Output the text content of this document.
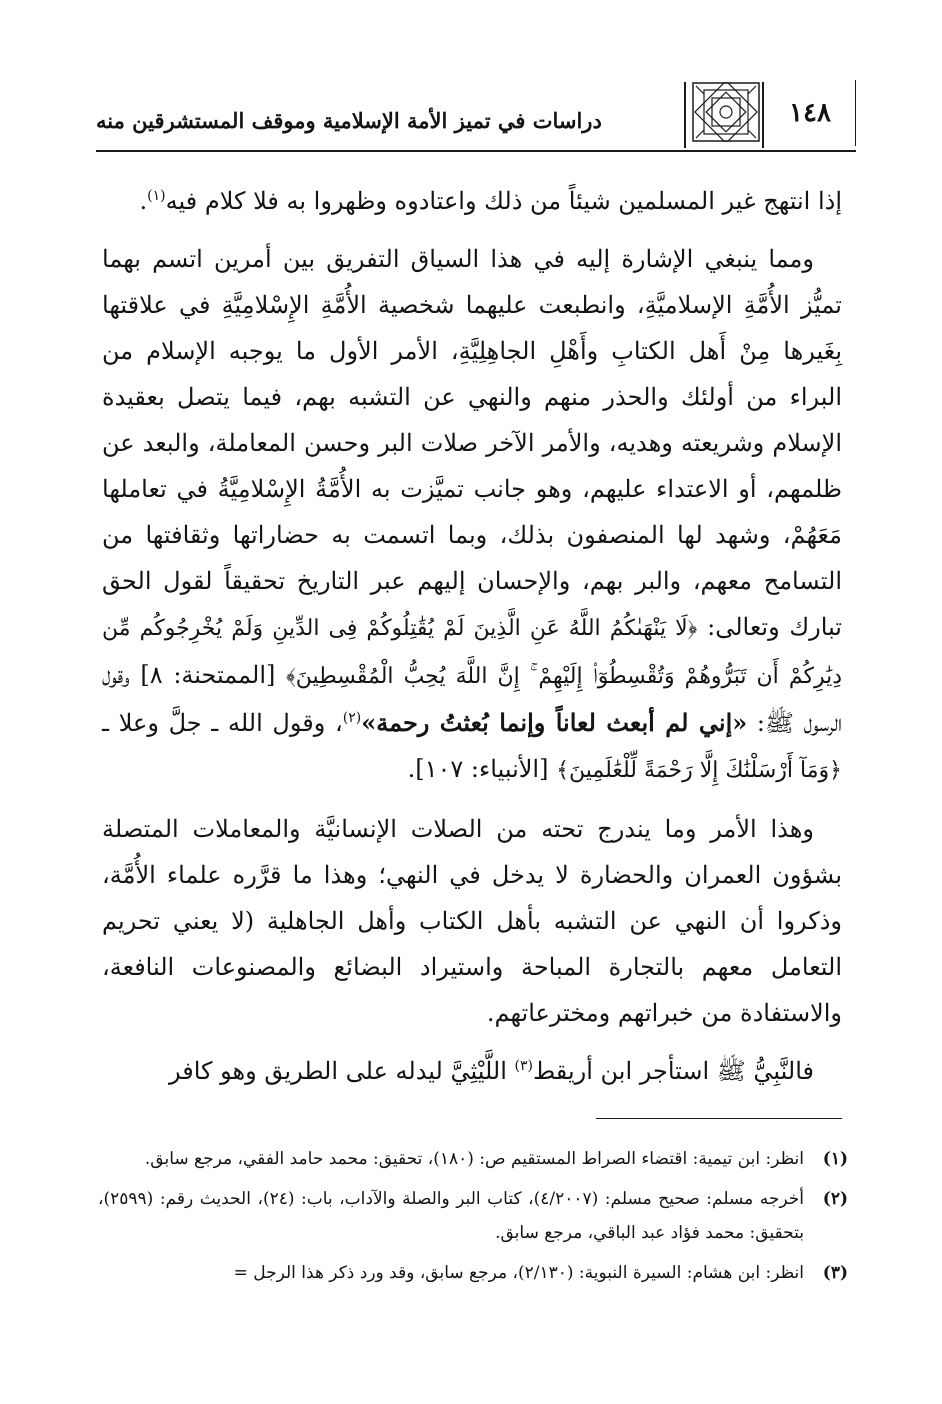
١٤٨
دراسات في تميز الأمة الإسلامية وموقف المستشرقين منه

إذا انتهج غير المسلمين شيئاً من ذلك واعتادوه وظهروا به فلا كلام فيه$^{(١)}$.

ومما ينبغي الإشارة إليه في هذا السياق التفريق بين أمرين اتسم بهما تميُّز الأُمَّةِ الإسلاميَّةِ، وانطبعت عليهما شخصية الأُمَّةِ الإِسْلامِيَّةِ في علاقتها بِغَيرها مِنْ أَهل الكتابِ وأَهْلِ الجاهِلِيَّةِ، الأمر الأول ما يوجبه الإسلام من البراء من أولئك والحذر منهم والنهي عن التشبه بهم، فيما يتصل بعقيدة الإسلام وشريعته وهديه، والأمر الآخر صلات البر وحسن المعاملة، والبعد عن ظلمهم، أو الاعتداء عليهم، وهو جانب تميَّزت به الأُمَّةُ الإِسْلامِيَّةُ في تعاملها مَعَهُمْ، وشهد لها المنصفون بذلك، وبما اتسمت به حضاراتها وثقافتها من التسامح معهم، والبر بهم، والإحسان إليهم عبر التاريخ تحقيقاً لقول الحق تبارك وتعالى: ﴿لَا يَنْهَىٰكُمُ اللَّهُ عَنِ الَّذِينَ لَمْ يُقَٰتِلُوكُمْ فِى الدِّينِ وَلَمْ يُخْرِجُوكُم مِّن دِيَٰرِكُمْ أَن تَبَرُّوهُمْ وَتُقْسِطُوٓا۟ إِلَيْهِمْ ۚ إِنَّ اللَّهَ يُحِبُّ الْمُقْسِطِينَ﴾ [الممتحنة: ٨] وقول الرسول ﷺ: «إني لم أبعث لعاناً وإنما بُعثتُ رحمة»$^{(٢)}$، وقول الله ـ جلَّ وعلا ـ ﴿وَمَآ أَرْسَلْنَٰكَ إِلَّا رَحْمَةً لِّلْعَٰلَمِينَ﴾ [الأنبياء: ١٠٧].

وهذا الأمر وما يندرج تحته من الصلات الإنسانيَّة والمعاملات المتصلة بشؤون العمران والحضارة لا يدخل في النهي؛ وهذا ما قرَّره علماء الأُمَّة، وذكروا أن النهي عن التشبه بأهل الكتاب وأهل الجاهلية (لا يعني تحريم التعامل معهم بالتجارة المباحة واستيراد البضائع والمصنوعات النافعة، والاستفادة من خبراتهم ومخترعاتهم.

فالنَّبِيُّ ﷺ استأجر ابن أريقط$^{(٣)}$ اللَّيْثِيَّ ليدله على الطريق وهو كافر

(١)
انظر: ابن تيمية: اقتضاء الصراط المستقيم ص: (١٨٠)، تحقيق: محمد حامد الفقي، مرجع سابق.
(٢)
أخرجه مسلم: صحيح مسلم: (٤/٢٠٠٧)، كتاب البر والصلة والآداب، باب: (٢٤)، الحديث رقم: (٢٥٩٩)، بتحقيق: محمد فؤاد عبد الباقي، مرجع سابق.
(٣)
انظر: ابن هشام: السيرة النبوية: (٢/١٣٠)، مرجع سابق، وقد ورد ذكر هذا الرجل =
